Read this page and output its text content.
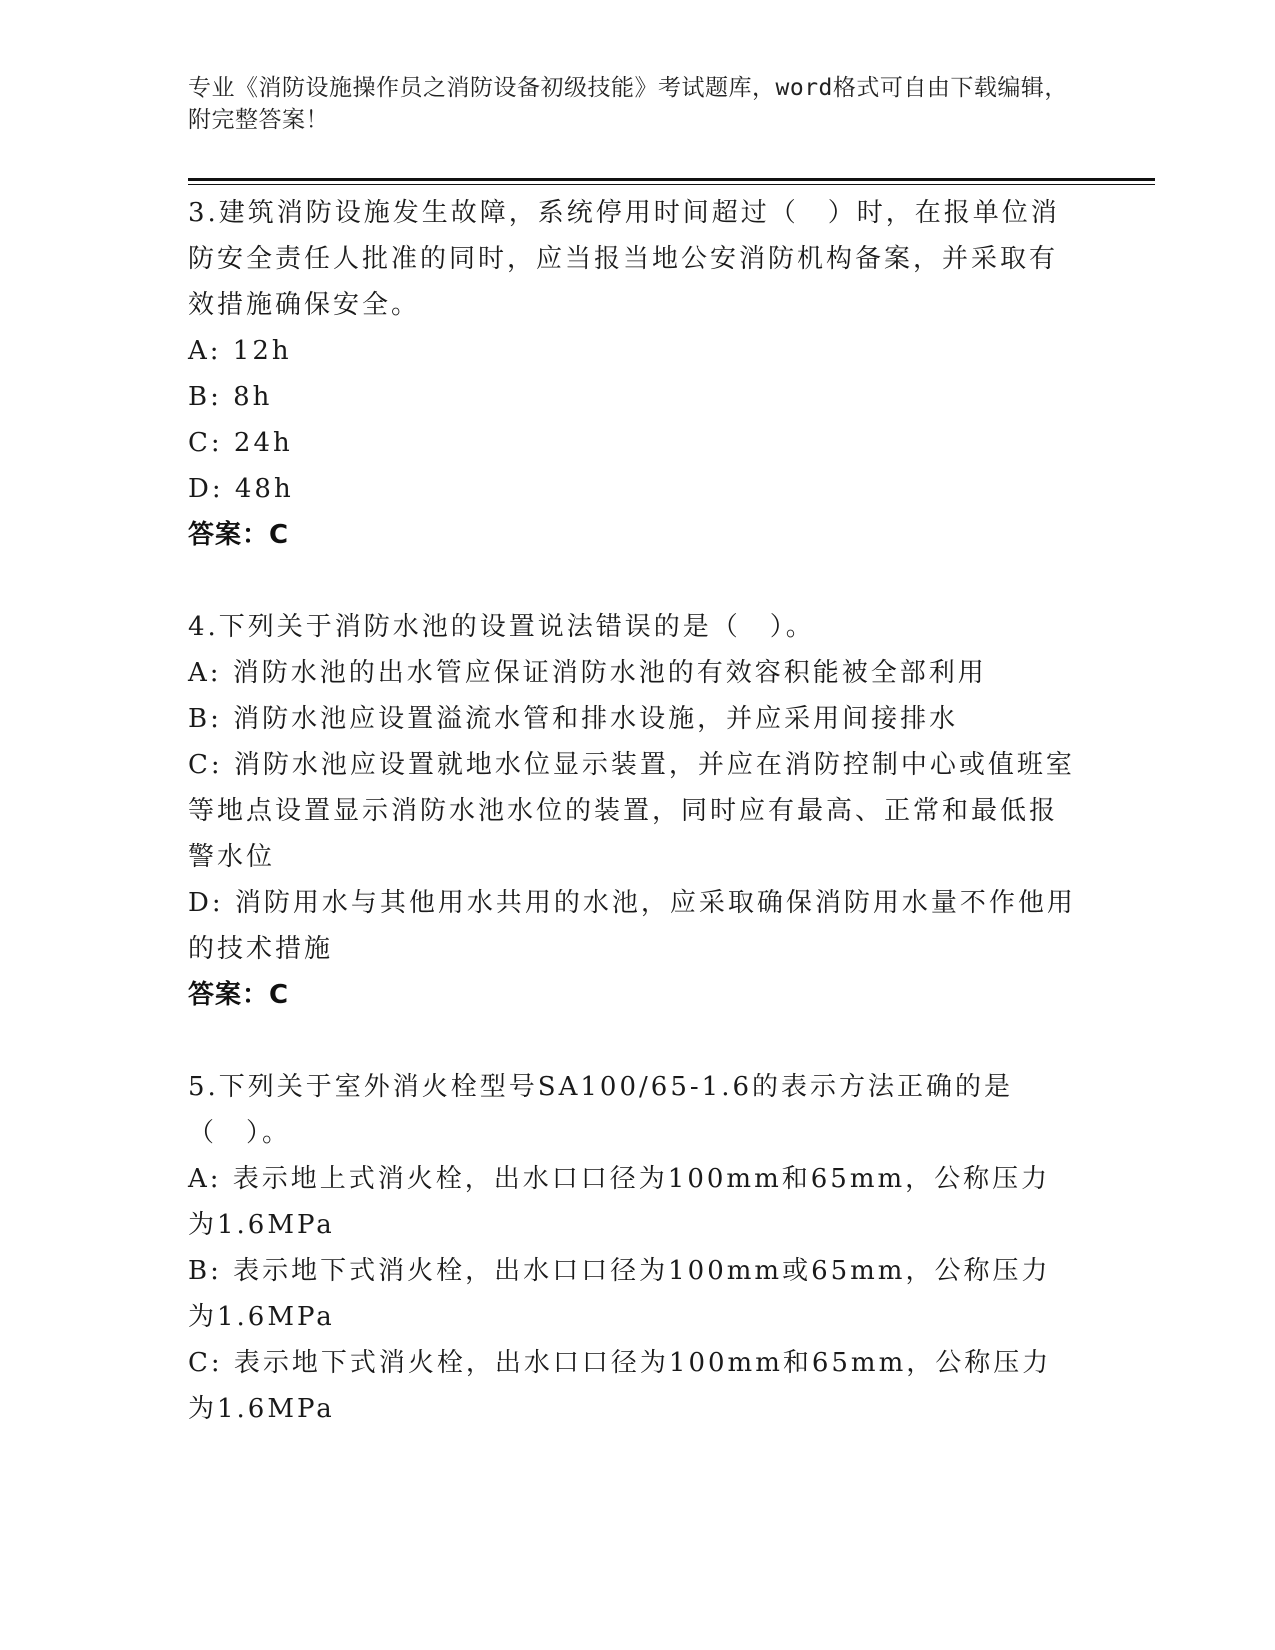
专业《消防设施操作员之消防设备初级技能》考试题库，word格式可自由下载编辑，附完整答案！
3.建筑消防设施发生故障，系统停用时间超过（　）时，在报单位消防安全责任人批准的同时，应当报当地公安消防机构备案，并采取有效措施确保安全。
A: 12h
B: 8h
C: 24h
D: 48h
答案：C
4.下列关于消防水池的设置说法错误的是（　）。
A: 消防水池的出水管应保证消防水池的有效容积能被全部利用
B: 消防水池应设置溢流水管和排水设施，并应采用间接排水
C: 消防水池应设置就地水位显示装置，并应在消防控制中心或值班室等地点设置显示消防水池水位的装置，同时应有最高、正常和最低报警水位
D: 消防用水与其他用水共用的水池，应采取确保消防用水量不作他用的技术措施
答案：C
5.下列关于室外消火栓型号SA100/65-1.6的表示方法正确的是（　）。
A: 表示地上式消火栓，出水口口径为100mm和65mm，公称压力为1.6MPa
B: 表示地下式消火栓，出水口口径为100mm或65mm，公称压力为1.6MPa
C: 表示地下式消火栓，出水口口径为100mm和65mm，公称压力为1.6MPa
